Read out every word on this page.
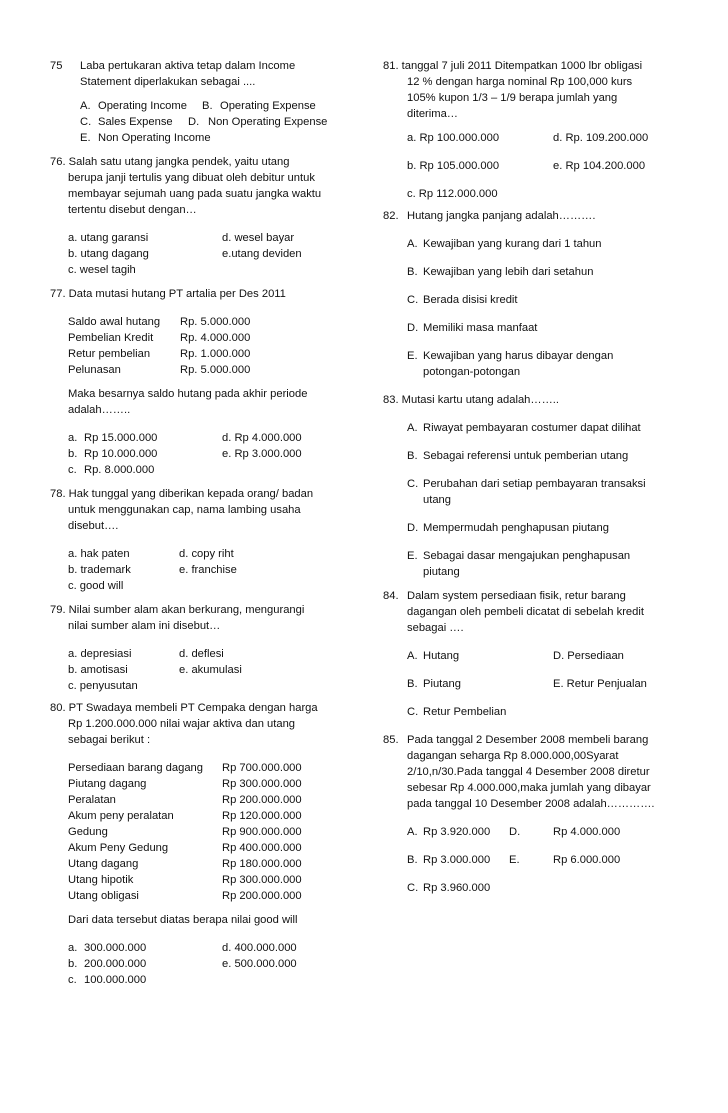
75	Laba pertukaran aktiva tetap dalam Income
Statement diperlakukan sebagai ....
A. Operating Income	B. Operating Expense
C. Sales Expense	D. Non Operating Expense
E. Non Operating Income
76. Salah satu utang jangka pendek, yaitu utang
berupa janji tertulis yang dibuat oleh debitur untuk
membayar sejumah uang pada suatu jangka waktu
tertentu disebut dengan…
a. utang garansi	d. wesel bayar
b. utang dagang	e.utang deviden
c. wesel tagih
77. Data mutasi hutang PT artalia per Des 2011
Saldo awal hutang	Rp. 5.000.000
Pembelian Kredit	Rp. 4.000.000
Retur pembelian	Rp. 1.000.000
Pelunasan	Rp. 5.000.000
Maka besarnya saldo hutang pada akhir periode
adalah……..
a. Rp 15.000.000	d. Rp 4.000.000
b. Rp 10.000.000	e. Rp 3.000.000
c. Rp. 8.000.000
78. Hak tunggal yang diberikan kepada orang/ badan
untuk menggunakan cap, nama lambing usaha
disebut….
a. hak paten	d. copy riht
b. trademark	e. franchise
c. good will
79. Nilai sumber alam akan berkurang, mengurangi
nilai sumber alam ini disebut…
a. depresiasi	d. deflesi
b. amotisasi	e. akumulasi
c. penyusutan
80. PT Swadaya membeli PT Cempaka dengan harga
Rp 1.200.000.000 nilai wajar aktiva dan utang
sebagai berikut :
Persediaan barang dagang	Rp 700.000.000
Piutang dagang	Rp 300.000.000
Peralatan	Rp 200.000.000
Akum peny peralatan	Rp 120.000.000
Gedung	Rp 900.000.000
Akum Peny Gedung	Rp 400.000.000
Utang dagang	Rp 180.000.000
Utang hipotik	Rp 300.000.000
Utang obligasi	Rp 200.000.000
Dari data tersebut diatas berapa nilai good will
a. 300.000.000	d. 400.000.000
b. 200.000.000	e. 500.000.000
c. 100.000.000
81. tanggal 7 juli 2011 Ditempatkan 1000 lbr obligasi
12 % dengan harga nominal Rp 100,000 kurs
105% kupon 1/3 – 1/9 berapa jumlah yang
diterima…
a. Rp 100.000.000	d. Rp. 109.200.000
b. Rp 105.000.000	e. Rp 104.200.000
c. Rp 112.000.000
82. Hutang jangka panjang adalah……….
A. Kewajiban yang kurang dari 1 tahun
B. Kewajiban yang lebih dari setahun
C. Berada disisi kredit
D. Memiliki masa manfaat
E. Kewajiban yang harus dibayar dengan
potongan-potongan
83. Mutasi kartu utang adalah……..
A. Riwayat pembayaran costumer dapat dilihat
B. Sebagai referensi untuk pemberian utang
C. Perubahan dari setiap pembayaran transaksi
utang
D. Mempermudah penghapusan piutang
E. Sebagai dasar mengajukan penghapusan
piutang
84. Dalam system persediaan fisik, retur barang
dagangan oleh pembeli dicatat di sebelah kredit
sebagai ….
A. Hutang	D. Persediaan
B. Piutang	E. Retur Penjualan
C. Retur Pembelian
85. Pada tanggal 2 Desember 2008 membeli barang
dagangan seharga Rp 8.000.000,00Syarat
2/10,n/30.Pada tanggal 4 Desember 2008 diretur
sebesar Rp 4.000.000,maka jumlah yang dibayar
pada tanggal 10 Desember 2008 adalah………….
A. Rp 3.920.000	D.	Rp 4.000.000
B. Rp 3.000.000	E.	Rp 6.000.000
C. Rp 3.960.000
